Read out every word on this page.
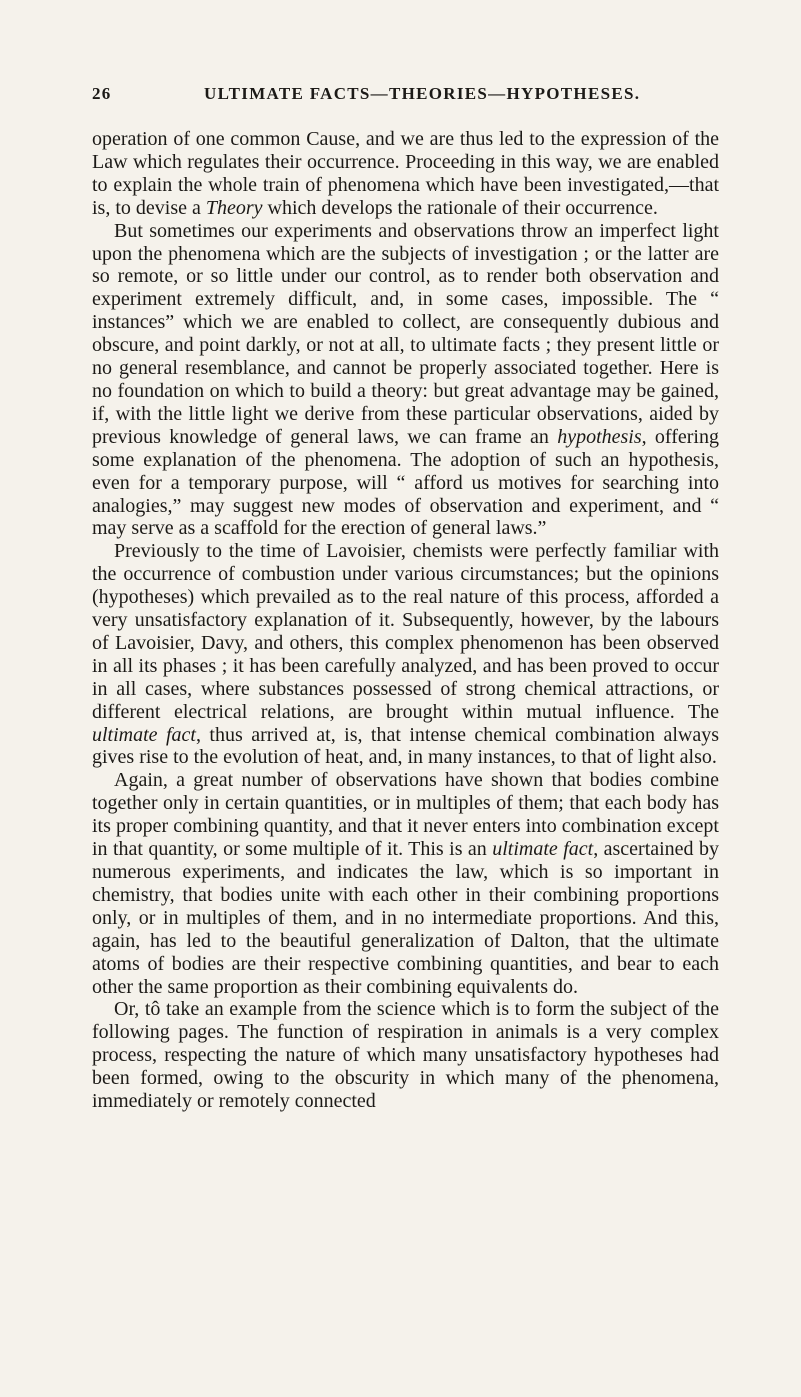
26	ULTIMATE FACTS—THEORIES—HYPOTHESES.

operation of one common Cause, and we are thus led to the expression of the Law which regulates their occurrence. Proceeding in this way, we are enabled to explain the whole train of phenomena which have been investigated,—that is, to devise a Theory which develops the rationale of their occurrence.

But sometimes our experiments and observations throw an imperfect light upon the phenomena which are the subjects of investigation ; or the latter are so remote, or so little under our control, as to render both observation and experiment extremely difficult, and, in some cases, impossible. The “ instances” which we are enabled to collect, are consequently dubious and obscure, and point darkly, or not at all, to ultimate facts ; they present little or no general resemblance, and cannot be properly associated together. Here is no foundation on which to build a theory: but great advantage may be gained, if, with the little light we derive from these particular observations, aided by previous knowledge of general laws, we can frame an hypothesis, offering some explanation of the phenomena. The adoption of such an hypothesis, even for a temporary purpose, will “ afford us motives for searching into analogies,” may suggest new modes of observation and experiment, and “ may serve as a scaffold for the erection of general laws.”

Previously to the time of Lavoisier, chemists were perfectly familiar with the occurrence of combustion under various circumstances; but the opinions (hypotheses) which prevailed as to the real nature of this process, afforded a very unsatisfactory explanation of it. Subsequently, however, by the labours of Lavoisier, Davy, and others, this complex phenomenon has been observed in all its phases ; it has been carefully analyzed, and has been proved to occur in all cases, where substances possessed of strong chemical attractions, or different electrical relations, are brought within mutual influence. The ultimate fact, thus arrived at, is, that intense chemical combination always gives rise to the evolution of heat, and, in many instances, to that of light also.

Again, a great number of observations have shown that bodies combine together only in certain quantities, or in multiples of them; that each body has its proper combining quantity, and that it never enters into combination except in that quantity, or some multiple of it. This is an ultimate fact, ascertained by numerous experiments, and indicates the law, which is so important in chemistry, that bodies unite with each other in their combining proportions only, or in multiples of them, and in no intermediate proportions. And this, again, has led to the beautiful generalization of Dalton, that the ultimate atoms of bodies are their respective combining quantities, and bear to each other the same proportion as their combining equivalents do.

Or, tô take an example from the science which is to form the subject of the following pages. The function of respiration in animals is a very complex process, respecting the nature of which many unsatisfactory hypotheses had been formed, owing to the obscurity in which many of the phenomena, immediately or remotely connected
